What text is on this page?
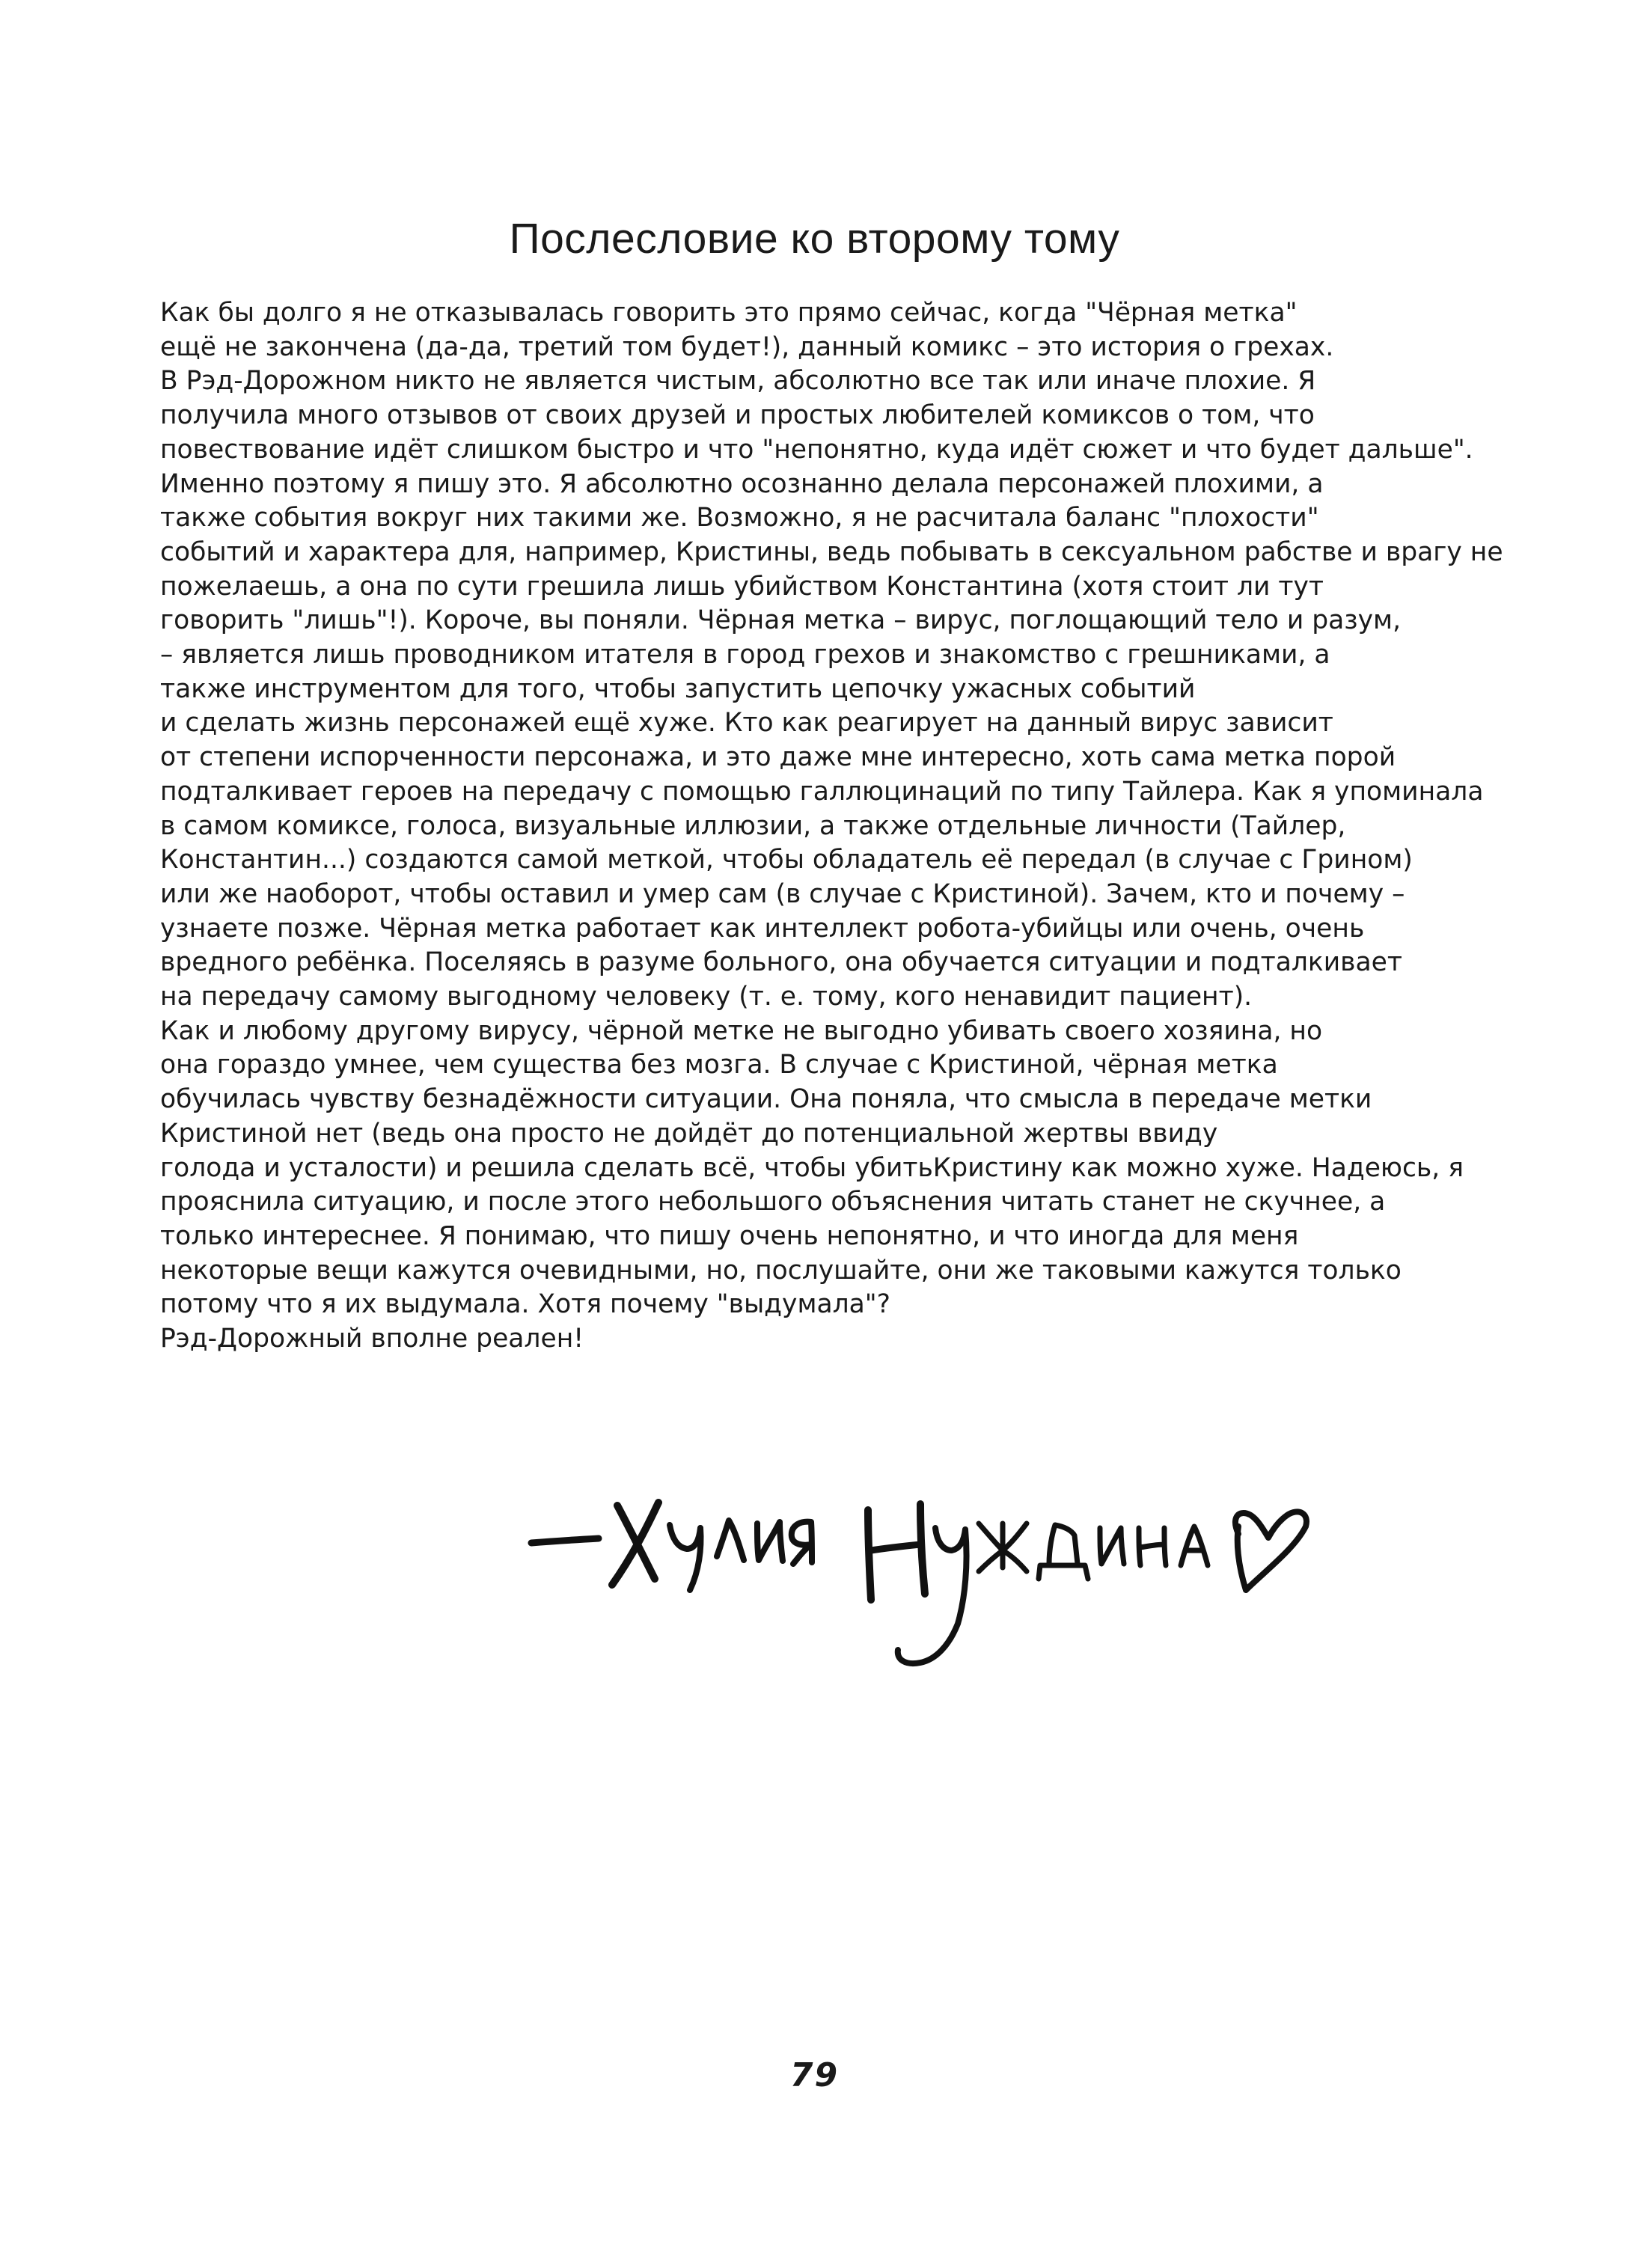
Послесловие ко второму тому
Как бы долго я не отказывалась говорить это прямо сейчас, когда "Чёрная метка"
ещё не закончена (да-да, третий том будет!), данный комикс – это история о грехах.
В Рэд-Дорожном никто не является чистым, абсолютно все так или иначе плохие. Я
получила много отзывов от своих друзей и простых любителей комиксов о том, что
повествование идёт слишком быстро и что "непонятно, куда идёт сюжет и что будет дальше".
Именно поэтому я пишу это. Я абсолютно осознанно делала персонажей плохими, а
также события вокруг них такими же. Возможно, я не расчитала баланс "плохости"
событий и характера для, например, Кристины, ведь побывать в сексуальном рабстве и врагу не
пожелаешь, а она по сути грешила лишь убийством Константина (хотя стоит ли тут
говорить "лишь"!). Короче, вы поняли. Чёрная метка – вирус, поглощающий тело и разум,
– является лишь проводником итателя в город грехов и знакомство с грешниками, а
также инструментом для того, чтобы запустить цепочку ужасных событий
и сделать жизнь персонажей ещё хуже. Кто как реагирует на данный вирус зависит
от степени испорченности персонажа, и это даже мне интересно, хоть сама метка порой
подталкивает героев на передачу с помощью галлюцинаций по типу Тайлера. Как я упоминала
в самом комиксе, голоса, визуальные иллюзии, а также отдельные личности (Тайлер,
Константин...) создаются самой меткой, чтобы обладатель её передал (в случае с Грином)
или же наоборот, чтобы оставил и умер сам (в случае с Кристиной). Зачем, кто и почему –
узнаете позже. Чёрная метка работает как интеллект робота-убийцы или очень, очень
вредного ребёнка. Поселяясь в разуме больного, она обучается ситуации и подталкивает
на передачу самому выгодному человеку (т. е. тому, кого ненавидит пациент).
Как и любому другому вирусу, чёрной метке не выгодно убивать своего хозяина, но
она гораздо умнее, чем существа без мозга. В случае с Кристиной, чёрная метка
обучилась чувству безнадёжности ситуации. Она поняла, что смысла в передаче метки
Кристиной нет (ведь она просто не дойдёт до потенциальной жертвы ввиду
голода и усталости) и решила сделать всё, чтобы убитьКристину как можно хуже. Надеюсь, я
прояснила ситуацию, и после этого небольшого объяснения читать станет не скучнее, а
только интереснее. Я понимаю, что пишу очень непонятно, и что иногда для меня
некоторые вещи кажутся очевидными, но, послушайте, они же таковыми кажутся только
потому что я их выдумала. Хотя почему "выдумала"?
Рэд-Дорожный вполне реален!
79
